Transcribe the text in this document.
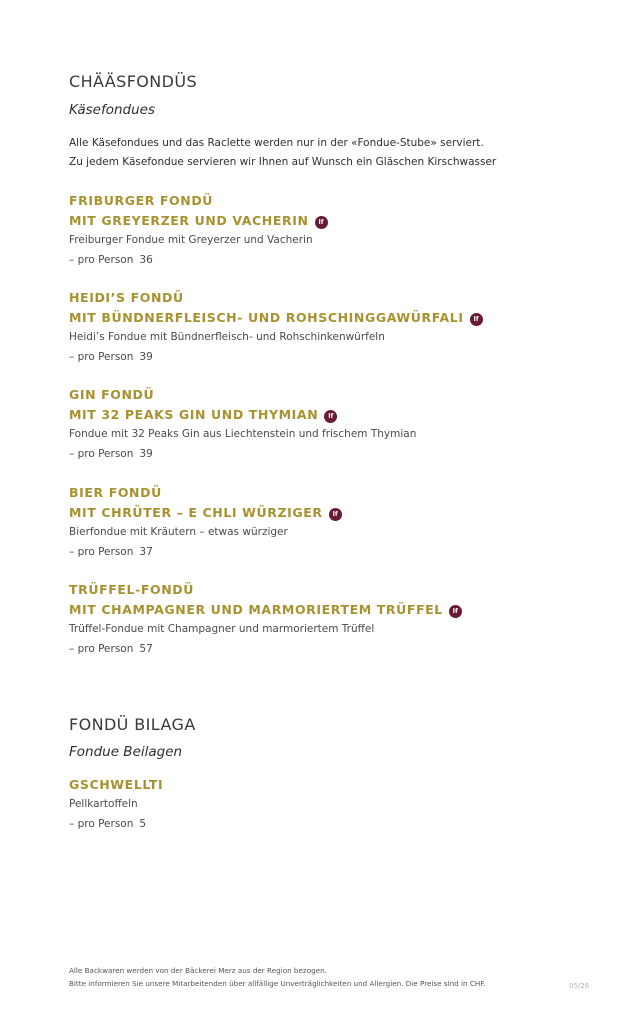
CHÄÄSFONDÜS
Käsefondues
Alle Käsefondues und das Raclette werden nur in der «Fondue-Stube» serviert.
Zu jedem Käsefondue servieren wir Ihnen auf Wunsch ein Gläschen Kirschwasser
FRIBURGER FONDÜ
MIT GREYERZER UND VACHERIN lf
Freiburger Fondue mit Greyerzer und Vacherin
– pro Person 36
HEIDI’S FONDÜ
MIT BÜNDNERFLEISCH- UND ROHSCHINGGAWÜRFALI lf
Heidi’s Fondue mit Bündnerfleisch- und Rohschinkenwürfeln
– pro Person 39
GIN FONDÜ
MIT 32 PEAKS GIN UND THYMIAN lf
Fondue mit 32 Peaks Gin aus Liechtenstein und frischem Thymian
– pro Person 39
BIER FONDÜ
MIT CHRÜTER – E CHLI WÜRZIGER lf
Bierfondue mit Kräutern – etwas würziger
– pro Person 37
TRÜFFEL-FONDÜ
MIT CHAMPAGNER UND MARMORIERTEM TRÜFFEL lf
Trüffel-Fondue mit Champagner und marmoriertem Trüffel
– pro Person 57
FONDÜ BILAGA
Fondue Beilagen
GSCHWELLTI
Pellkartoffeln
– pro Person 5
Alle Backwaren werden von der Bäckerei Merz aus der Region bezogen.
Bitte informieren Sie unsere Mitarbeitenden über allfällige Unverträglichkeiten und Allergien. Die Preise sind in CHF.	05/26
